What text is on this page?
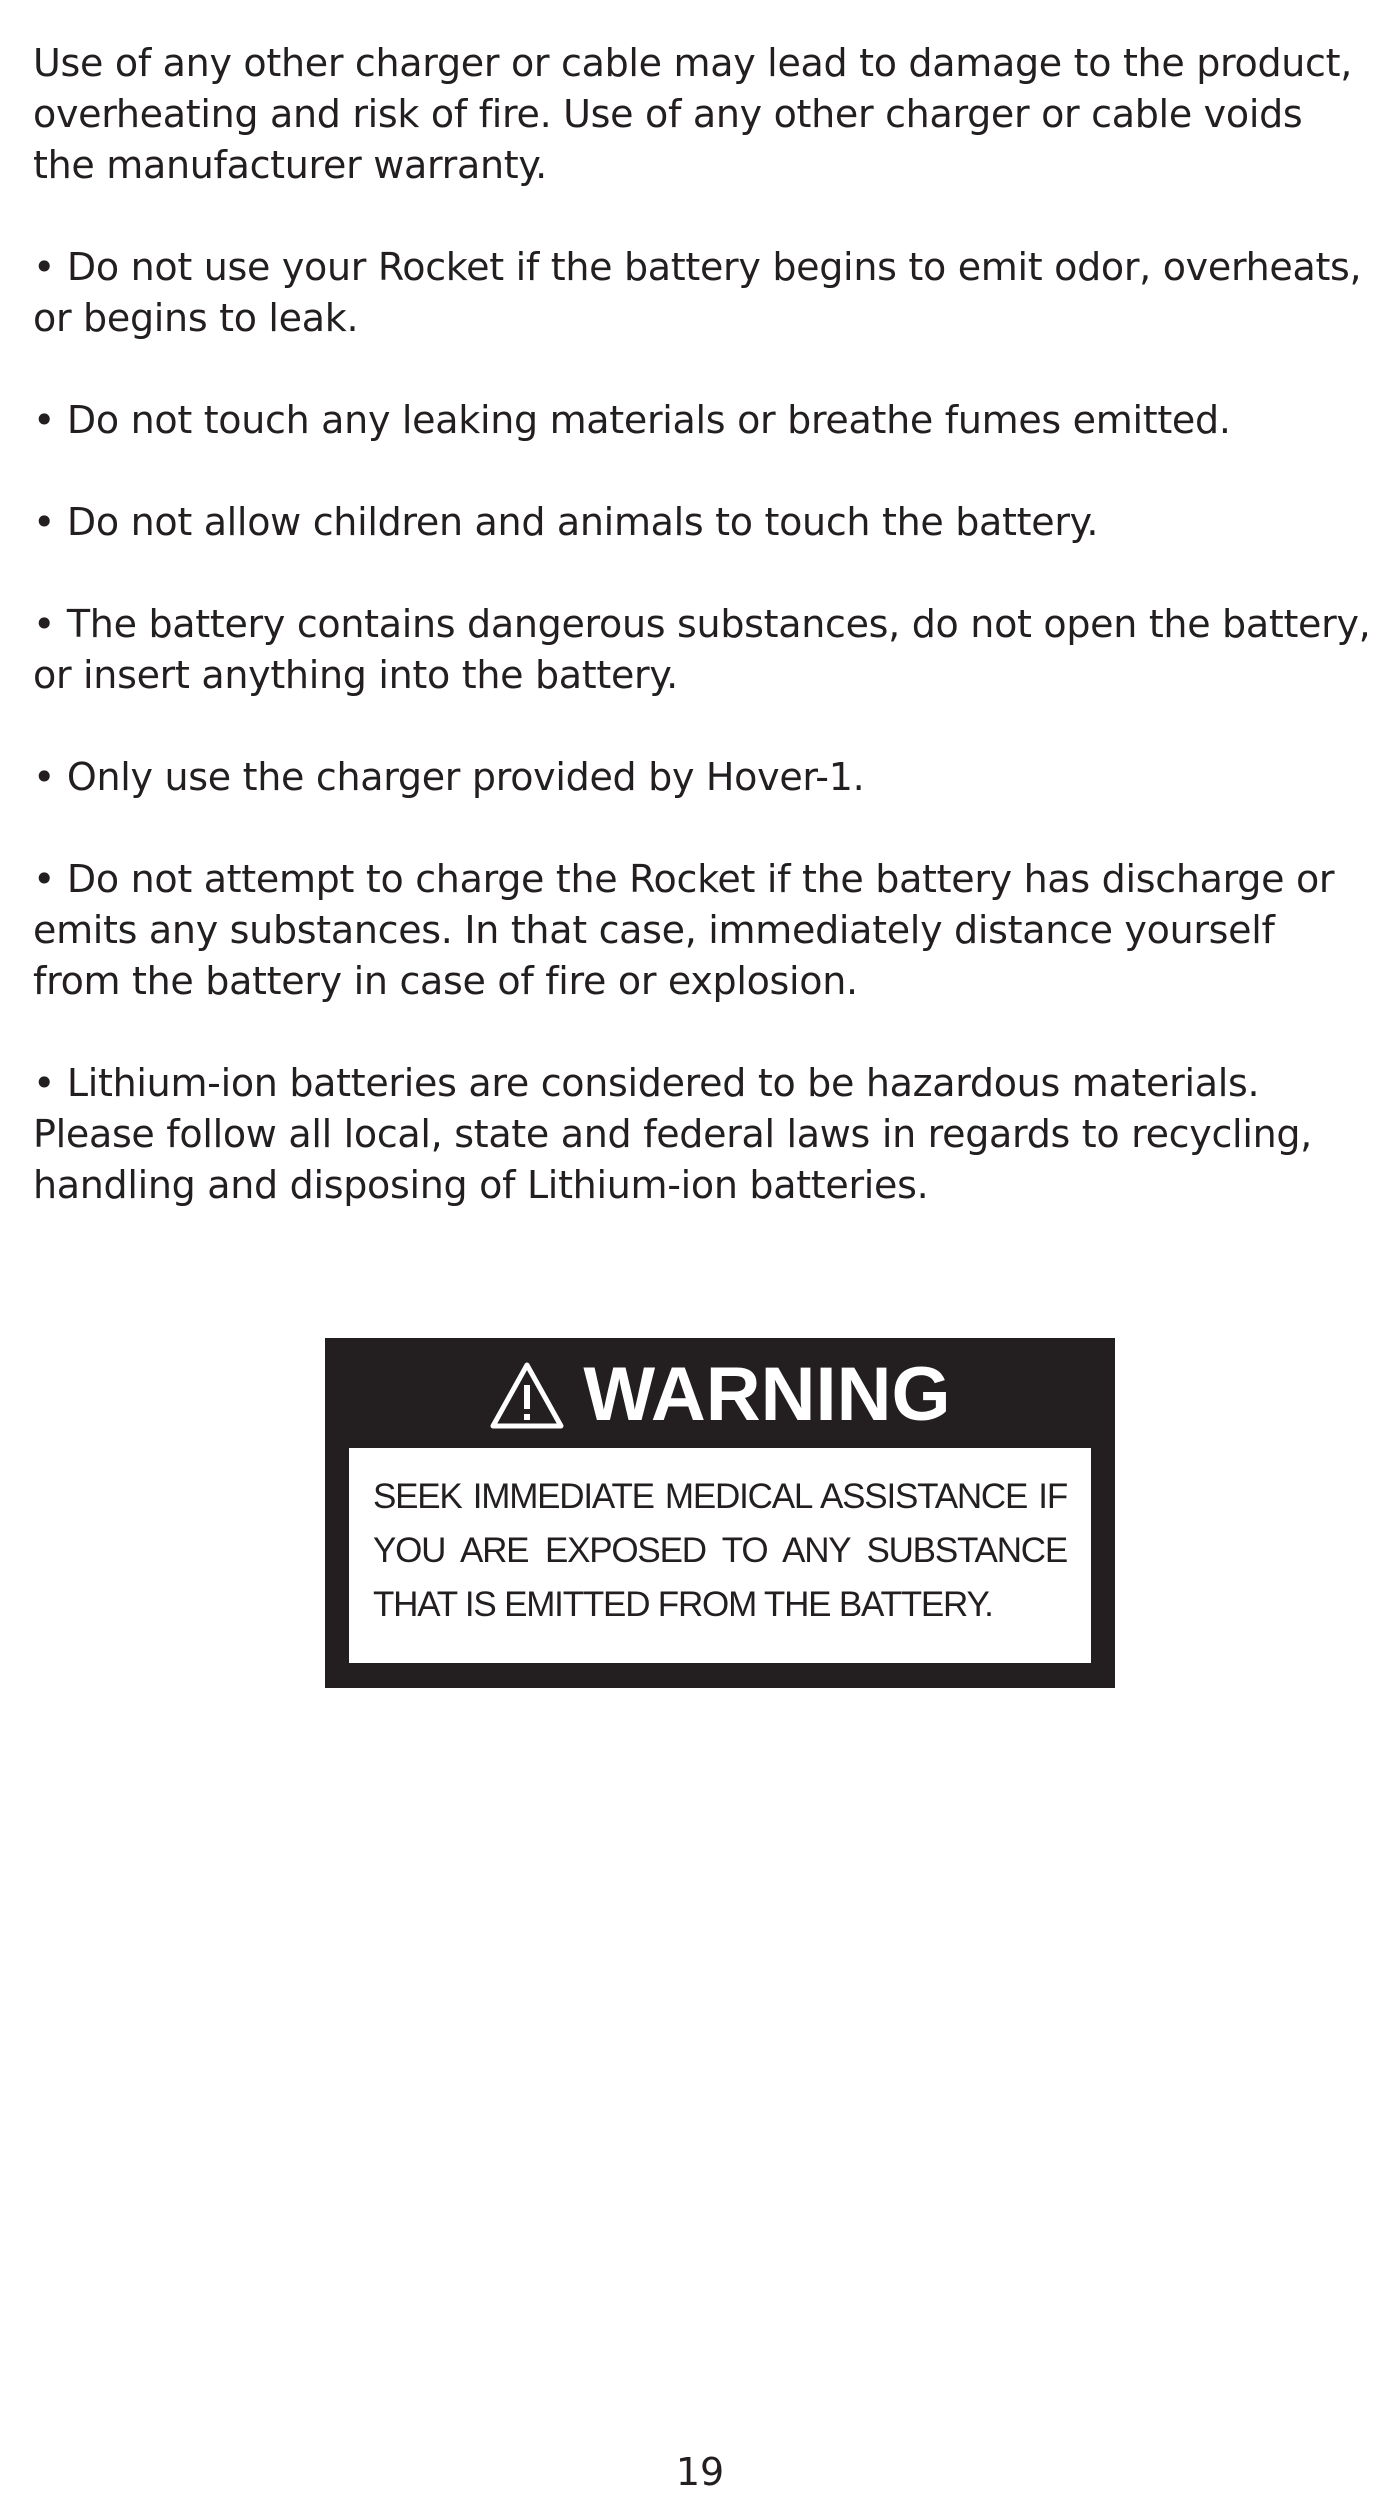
Use of any other charger or cable may lead to damage to the product, overheating and risk of fire. Use of any other charger or cable voids the manufacturer warranty.

• Do not use your Rocket if the battery begins to emit odor, overheats, or begins to leak.

• Do not touch any leaking materials or breathe fumes emitted.

• Do not allow children and animals to touch the battery.

• The battery contains dangerous substances, do not open the battery, or insert anything into the battery.

• Only use the charger provided by Hover-1.

• Do not attempt to charge the Rocket if the battery has discharge or emits any substances. In that case, immediately distance yourself from the battery in case of fire or explosion.

• Lithium-ion batteries are considered to be hazardous materials. Please follow all local, state and federal laws in regards to recycling, handling and disposing of Lithium-ion batteries.

WARNING

SEEK IMMEDIATE MEDICAL ASSISTANCE IF YOU ARE EXPOSED TO ANY SUBSTANCE THAT IS EMITTED FROM THE BATTERY.

19
